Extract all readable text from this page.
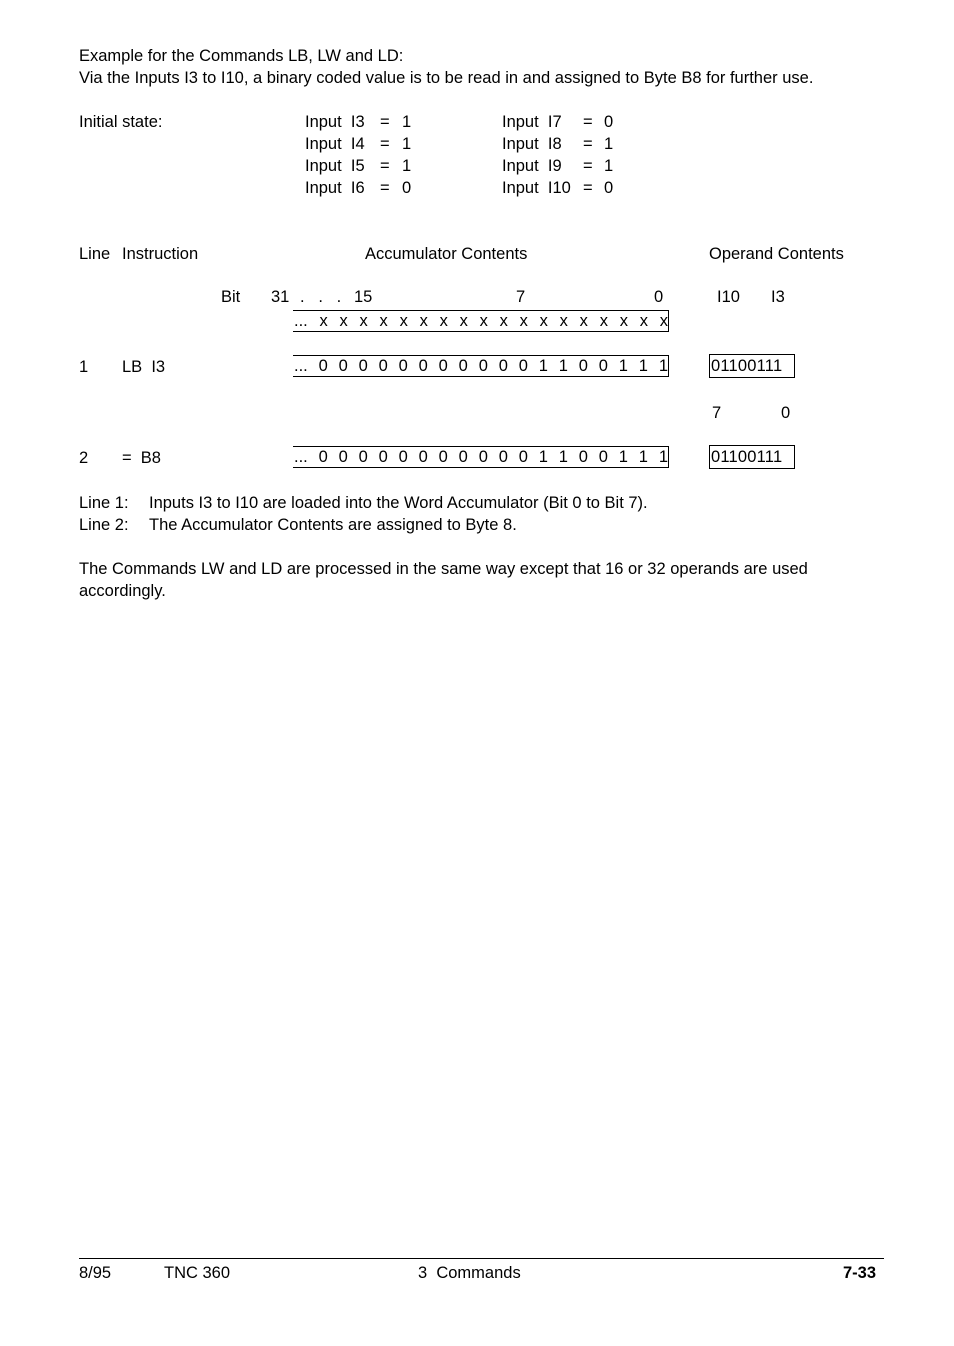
Example for the Commands LB, LW and LD:
Via the Inputs I3 to I10, a binary coded value is to be read in and assigned to Byte B8 for further use.
Initial state:	Input  I3 = 1
Input  I4 = 1
Input  I5 = 1
Input  I6 = 0
Input  I7 = 0
Input  I8 = 1
Input  I9 = 1
Input  I10 = 0
Line Instruction	Accumulator Contents	Operand Contents
Bit 31 .   .   . 15	7	0	I10 I3
... x x x x x x x x x x x x x x x x x x
1 LB  I3	... 0 0 0 0 0 0 0 0 0 0 0 1 1 0 0 1 1 1	01100111
7	0
2 =  B8	... 0 0 0 0 0 0 0 0 0 0 0 1 1 0 0 1 1 1	01100111
Line 1: Inputs I3 to I10 are loaded into the Word Accumulator (Bit 0 to Bit 7).
Line 2: The Accumulator Contents are assigned to Byte 8.
The Commands LW and LD are processed in the same way except that 16 or 32 operands are used
accordingly.
8/95	TNC 360	3  Commands	7-33
